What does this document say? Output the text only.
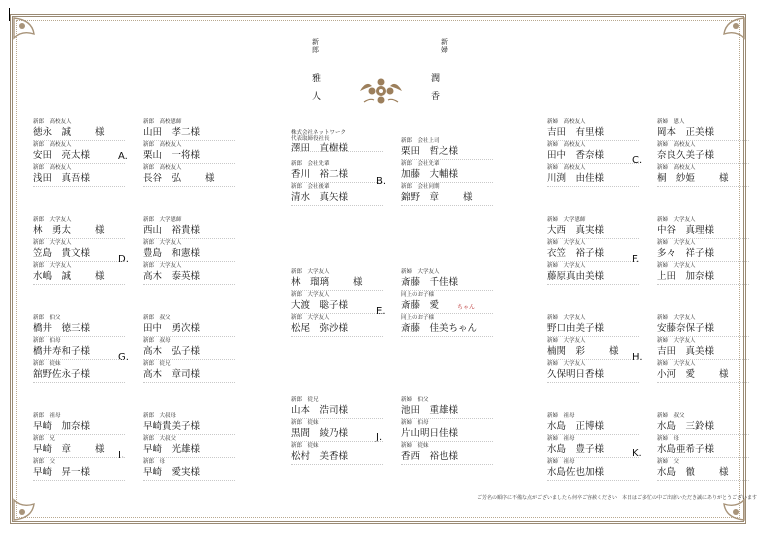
新郎
雅 人
新婦
潤 香
A.
新郎　高校友人
徳永　誠	様
新郎　高校恩師
山田　孝二様
新郎　高校友人
安田　亮太様
新郎　高校友人
栗山　一将様
新郎　高校友人
浅田　真吾様
新郎　高校友人
長谷　弘	様	B.
株式会社ネットワーク
代表取締役社長
澤田　直樹様
新郎　会社上司
栗田　哲之様
新郎　会社先輩
香川　裕二様
新郎　会社先輩
加藤　大輔様
新郎　会社後輩
清水　真矢様
新郎　会社同期
錦野　章	様
C.
新婦　高校友人
吉田　有里様
新婦　恩人
岡本　正美様
新婦　高校友人
田中　香奈様
新婦　高校友人
奈良久美子様
新婦　高校友人
川渕　由佳様
新婦　高校友人
桐　紗姫	様
D.
新郎　大学友人
林　勇太	様
新郎　大学恩師
西山　裕貴様
新郎　大学友人
笠島　貴文様
新郎　大学友人
豊島　和憲様
新郎　大学友人
水嶋　誠	様
新郎　大学友人
高木　泰英様
E.
新郎　大学友人
林　瑠璃	様
新婦　大学友人
斎藤　千佳様
新郎　大学友人
大渡　聡子様
同上のお子様
斎藤　愛	ちゃん
新郎　大学友人
松尾　弥沙様
同上のお子様
斎藤　佳美ちゃん
F.
新婦　大学恩師
大西　真実様
新婦　大学友人
中谷　真理様
新婦　大学友人
衣笠　裕子様
新婦　大学友人
多々　祥子様
新婦　大学友人
藤原真由美様
新婦　大学友人
上田　加奈様
G.
新郎　伯父
橋井　徳三様
新郎　叔父
田中　勇次様
新郎　伯母
橋井寿和子様
新郎　叔母
高木　弘子様
新郎　従妹
舘野佐永子様
新郎　従兄
高木　章司様
H.
新婦　大学友人
野口由美子様
新婦　大学友人
安藤奈保子様
新婦　大学友人
楠関　彩	様
新婦　大学友人
吉田　真美様
新婦　大学友人
久保明日香様
新婦　大学友人
小河　愛	様
I.
新郎　祖母
早崎　加奈様
新郎　大叔母
早崎貴美子様
新郎　兄
早崎　章	様
新郎　大叔父
早崎　光雄様
新郎　父
早崎　昇一様
新郎　母
早崎　愛実様
J.
新郎　従兄
山本　浩司様
新婦　伯父
池田　重雄様
新郎　従妹
黒間　綾乃様
新婦　伯母
片山明日佳様
新郎　従妹
松村　美香様
新婦　従妹
香西　裕也様	K.
新婦　祖母
水島　正博様
新婦　叔父
水島　三鈴様
新婦　祖母
水島　豊子様
新婦　母
水島亜希子様
新婦　祖母
水島佐也加様
新婦　父
水島　徹	様
ご芳名の順序に不備な点がございましたら何卒ご容赦ください　本日はご多忙の中ご出席いただき誠にありがとうございます
